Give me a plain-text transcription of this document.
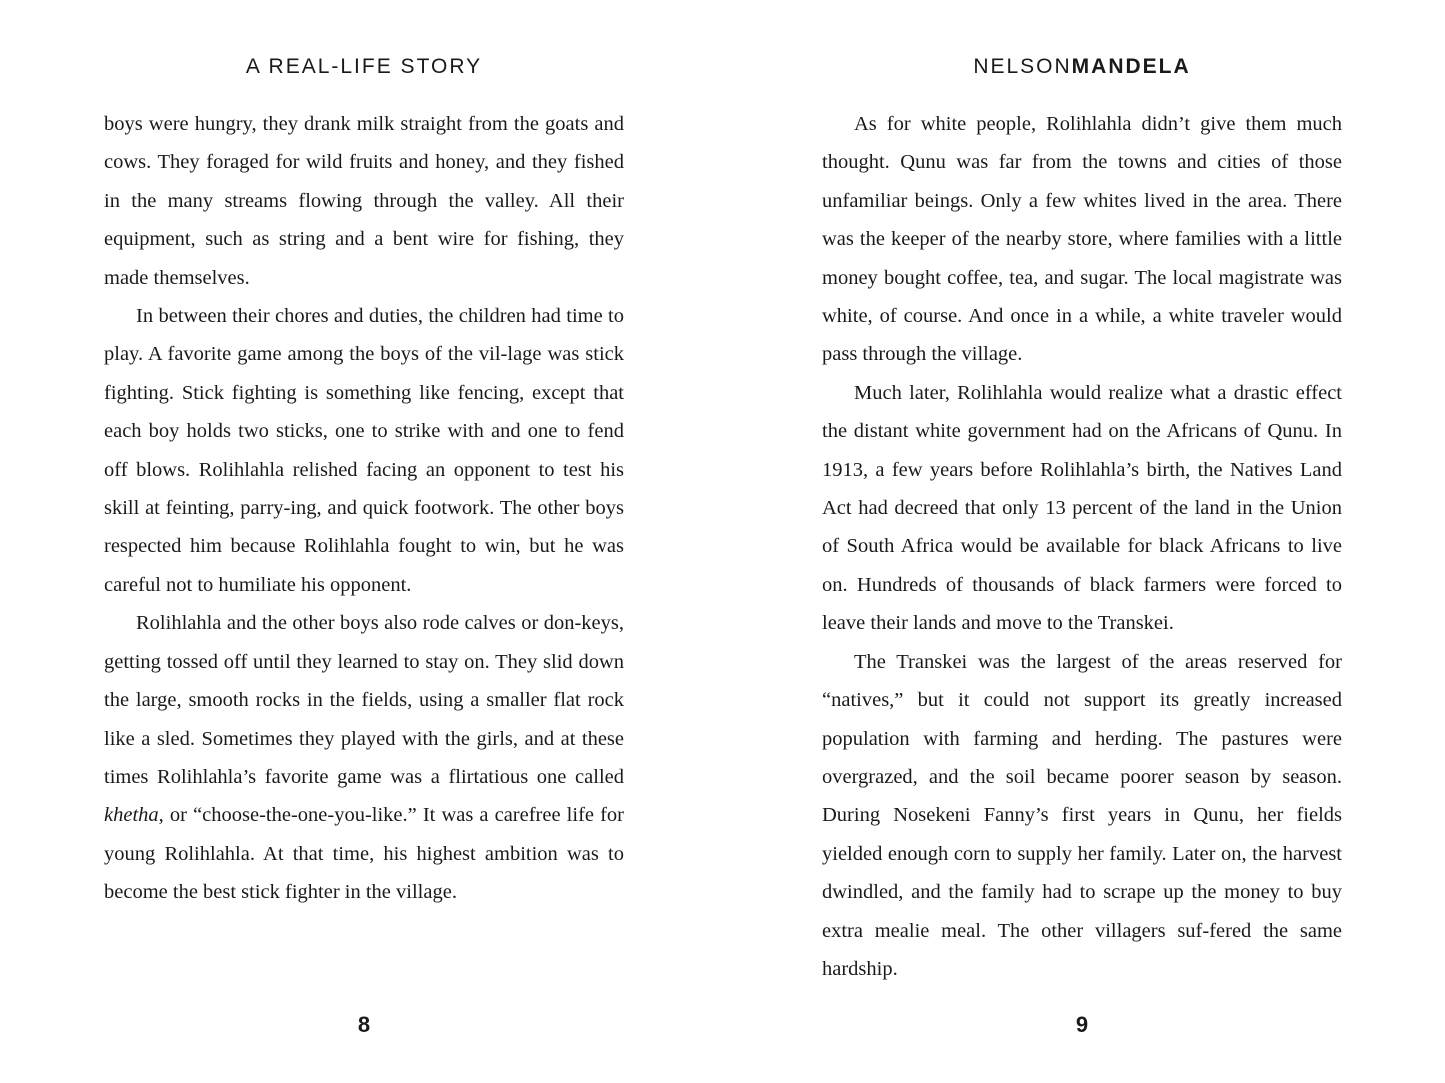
A REAL-LIFE STORY

boys were hungry, they drank milk straight from the goats and cows. They foraged for wild fruits and honey, and they fished in the many streams flowing through the valley. All their equipment, such as string and a bent wire for fishing, they made themselves.

In between their chores and duties, the children had time to play. A favorite game among the boys of the vil-lage was stick fighting. Stick fighting is something like fencing, except that each boy holds two sticks, one to strike with and one to fend off blows. Rolihlahla relished facing an opponent to test his skill at feinting, parry-ing, and quick footwork. The other boys respected him because Rolihlahla fought to win, but he was careful not to humiliate his opponent.

Rolihlahla and the other boys also rode calves or don-keys, getting tossed off until they learned to stay on. They slid down the large, smooth rocks in the fields, using a smaller flat rock like a sled. Sometimes they played with the girls, and at these times Rolihlahla’s favorite game was a flirtatious one called khetha, or “choose-the-one-you-like.” It was a carefree life for young Rolihlahla. At that time, his highest ambition was to become the best stick fighter in the village.

8
NELSONMANDELA

As for white people, Rolihlahla didn’t give them much thought. Qunu was far from the towns and cities of those unfamiliar beings. Only a few whites lived in the area. There was the keeper of the nearby store, where families with a little money bought coffee, tea, and sugar. The local magistrate was white, of course. And once in a while, a white traveler would pass through the village.

Much later, Rolihlahla would realize what a drastic effect the distant white government had on the Africans of Qunu. In 1913, a few years before Rolihlahla’s birth, the Natives Land Act had decreed that only 13 percent of the land in the Union of South Africa would be available for black Africans to live on. Hundreds of thousands of black farmers were forced to leave their lands and move to the Transkei.

The Transkei was the largest of the areas reserved for “natives,” but it could not support its greatly increased population with farming and herding. The pastures were overgrazed, and the soil became poorer season by season. During Nosekeni Fanny’s first years in Qunu, her fields yielded enough corn to supply her family. Later on, the harvest dwindled, and the family had to scrape up the money to buy extra mealie meal. The other villagers suf-fered the same hardship.

9
